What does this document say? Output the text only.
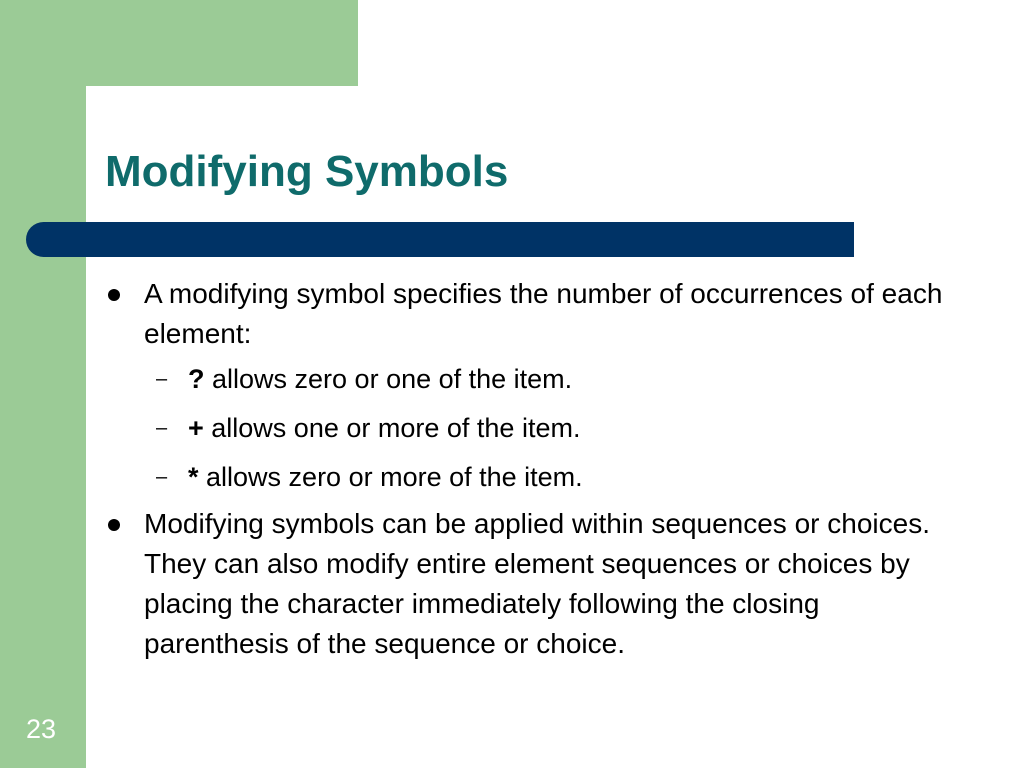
Modifying Symbols

A modifying symbol specifies the number of occurrences of each element:

– ? allows zero or one of the item.

– + allows one or more of the item.

– * allows zero or more of the item.

Modifying symbols can be applied within sequences or choices. They can also modify entire element sequences or choices by placing the character immediately following the closing parenthesis of the sequence or choice.

23
